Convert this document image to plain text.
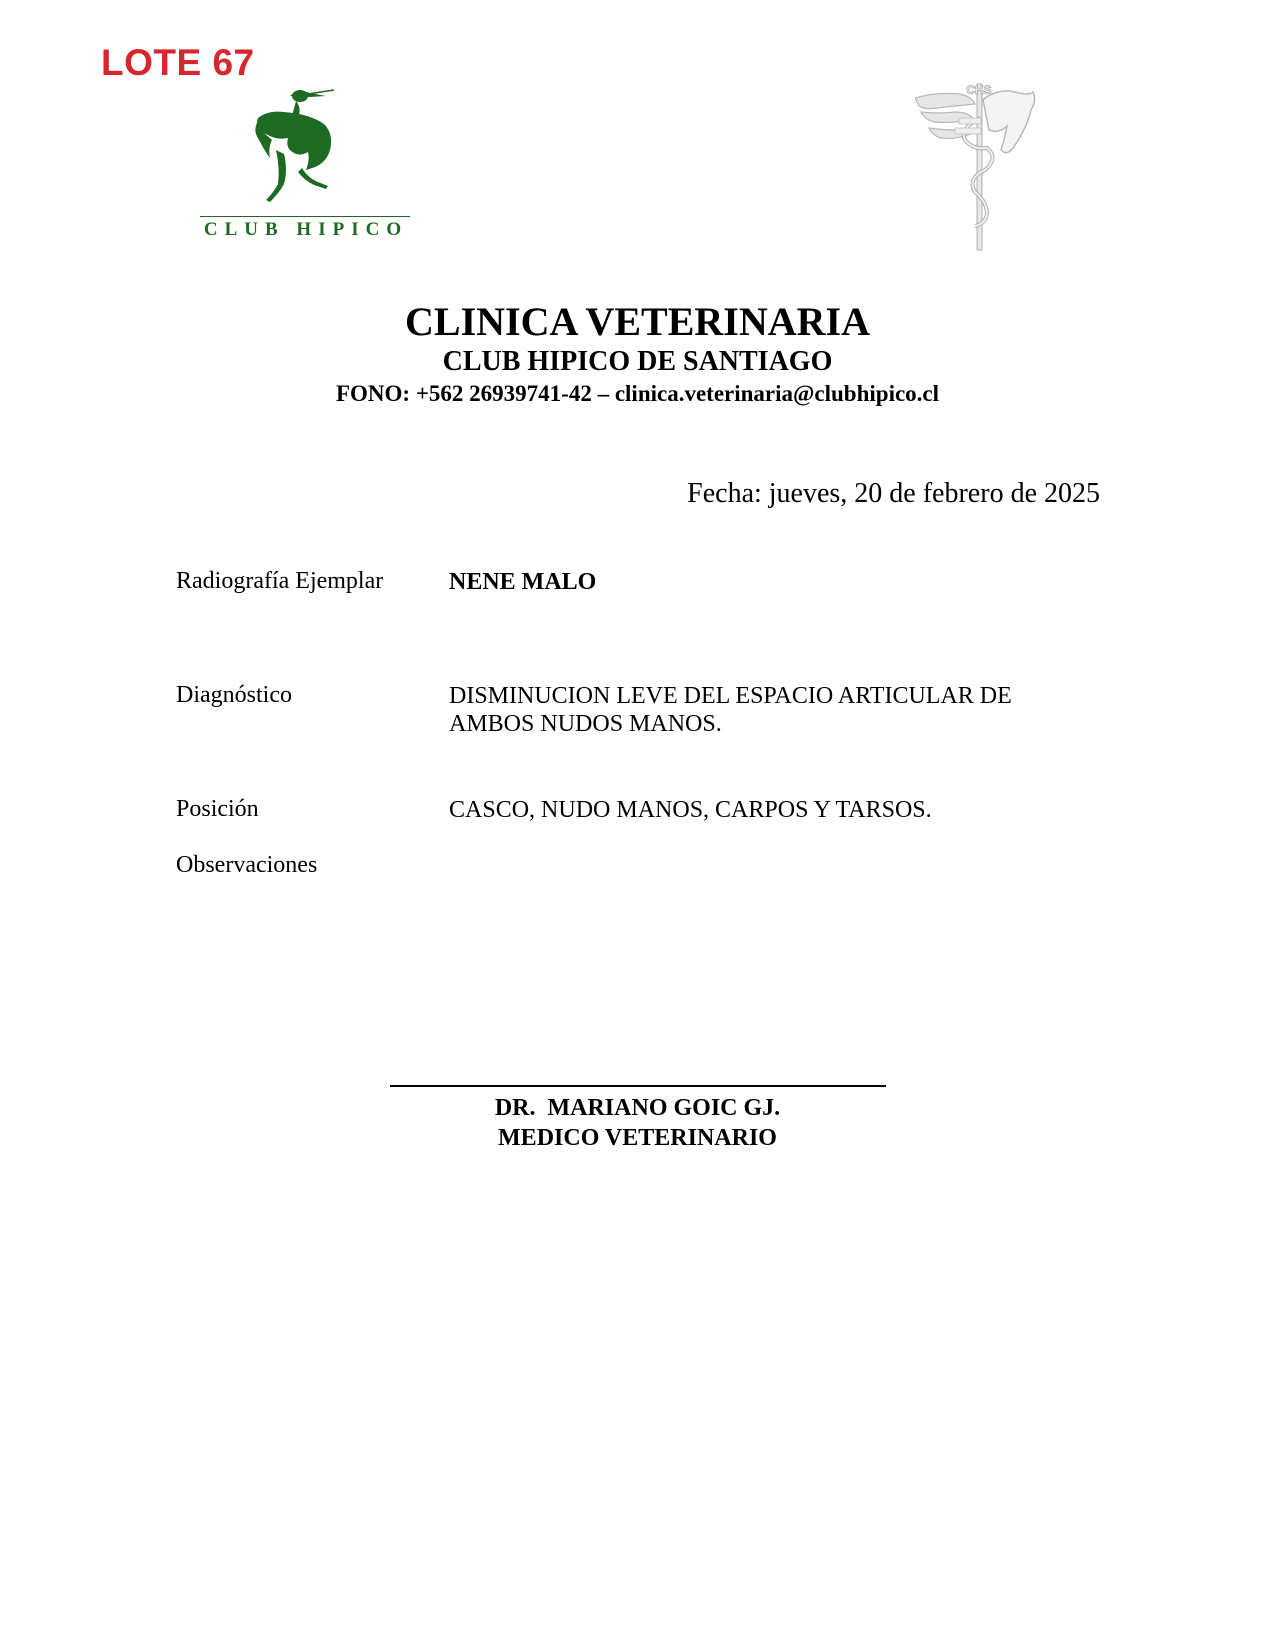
LOTE 67
CLUB HIPICO
CHS
CLINICA VETERINARIA
CLUB HIPICO DE SANTIAGO
FONO: +562 26939741-42 – clinica.veterinaria@clubhipico.cl
Fecha: jueves, 20 de febrero de 2025
Radiografía Ejemplar	NENE MALO
Diagnóstico	DISMINUCION LEVE DEL ESPACIO ARTICULAR DE AMBOS NUDOS MANOS.
Posición	CASCO, NUDO MANOS, CARPOS Y TARSOS.
Observaciones
DR.  MARIANO GOIC GJ.
MEDICO VETERINARIO
